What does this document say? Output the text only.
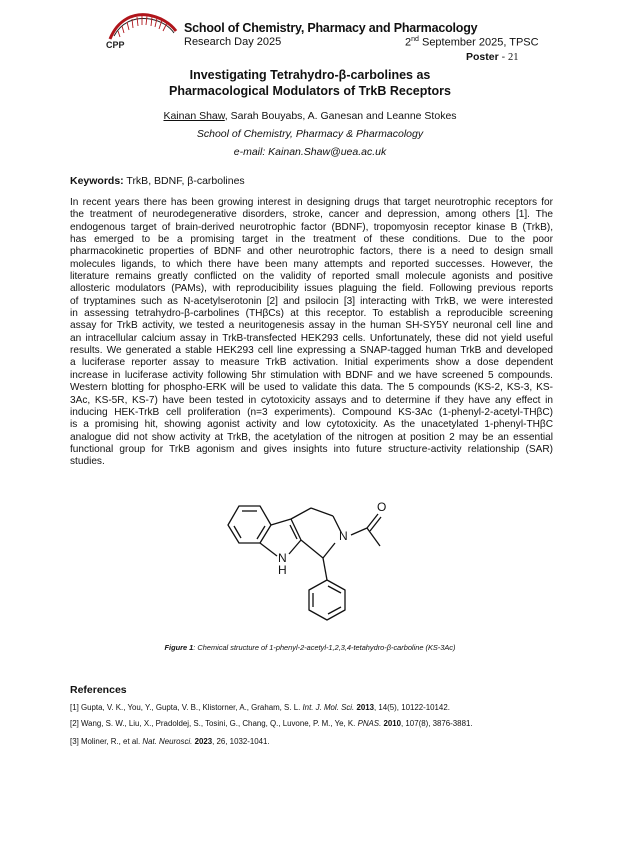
CPP
School of Chemistry, Pharmacy and Pharmacology
Research Day 2025	2nd September 2025, TPSC
Poster - 21
Investigating Tetrahydro-β-carbolines as
Pharmacological Modulators of TrkB Receptors
Kainan Shaw, Sarah Bouyabs, A. Ganesan and Leanne Stokes
School of Chemistry, Pharmacy & Pharmacology
e-mail: Kainan.Shaw@uea.ac.uk
Keywords: TrkB, BDNF, β-carbolines
In recent years there has been growing interest in designing drugs that target neurotrophic receptors for
the treatment of neurodegenerative disorders, stroke, cancer and depression, among others [1]. The
endogenous target of brain-derived neurotrophic factor (BDNF), tropomyosin receptor kinase B (TrkB),
has emerged to be a promising target in the treatment of these conditions. Due to the poor
pharmacokinetic properties of BDNF and other neurotrophic factors, there is a need to design small
molecules ligands, to which there have been many attempts and reported successes. However, the
literature remains greatly conflicted on the validity of reported small molecule agonists and positive
allosteric modulators (PAMs), with reproducibility issues plaguing the field. Following previous reports
of tryptamines such as N-acetylserotonin [2] and psilocin [3] interacting with TrkB, we were interested
in assessing tetrahydro-β-carbolines (THβCs) at this receptor. To establish a reproducible screening
assay for TrkB activity, we tested a neuritogenesis assay in the human SH-SY5Y neuronal cell line and
an intracellular calcium assay in TrkB-transfected HEK293 cells. Unfortunately, these did not yield useful
results. We generated a stable HEK293 cell line expressing a SNAP-tagged human TrkB and developed
a luciferase reporter assay to measure TrkB activation. Initial experiments show a dose dependent
increase in luciferase activity following 5hr stimulation with BDNF and we have screened 5 compounds.
Western blotting for phospho-ERK will be used to validate this data. The 5 compounds (KS-2, KS-3, KS-
3Ac, KS-5R, KS-7) have been tested in cytotoxicity assays and to determine if they have any effect in
inducing HEK-TrkB cell proliferation (n=3 experiments). Compound KS-3Ac (1-phenyl-2-acetyl-THβC)
is a promising hit, showing agonist activity and low cytotoxicity. As the unacetylated 1-phenyl-THβC
analogue did not show activity at TrkB, the acetylation of the nitrogen at position 2 may be an essential
functional group for TrkB agonism and gives insights into future structure-activity relationship (SAR)
studies.
N
N
H
O
Figure 1: Chemical structure of 1-phenyl-2-acetyl-1,2,3,4-tetahydro-β-carboline (KS-3Ac)
References
[1] Gupta, V. K., You, Y., Gupta, V. B., Klistorner, A., Graham, S. L. Int. J. Mol. Sci. 2013, 14(5), 10122-10142.
[2] Wang, S. W., Liu, X., Pradoldej, S., Tosini, G., Chang, Q., Luvone, P. M., Ye, K. PNAS. 2010, 107(8), 3876-3881.
[3] Moliner, R., et al. Nat. Neurosci. 2023, 26, 1032-1041.
